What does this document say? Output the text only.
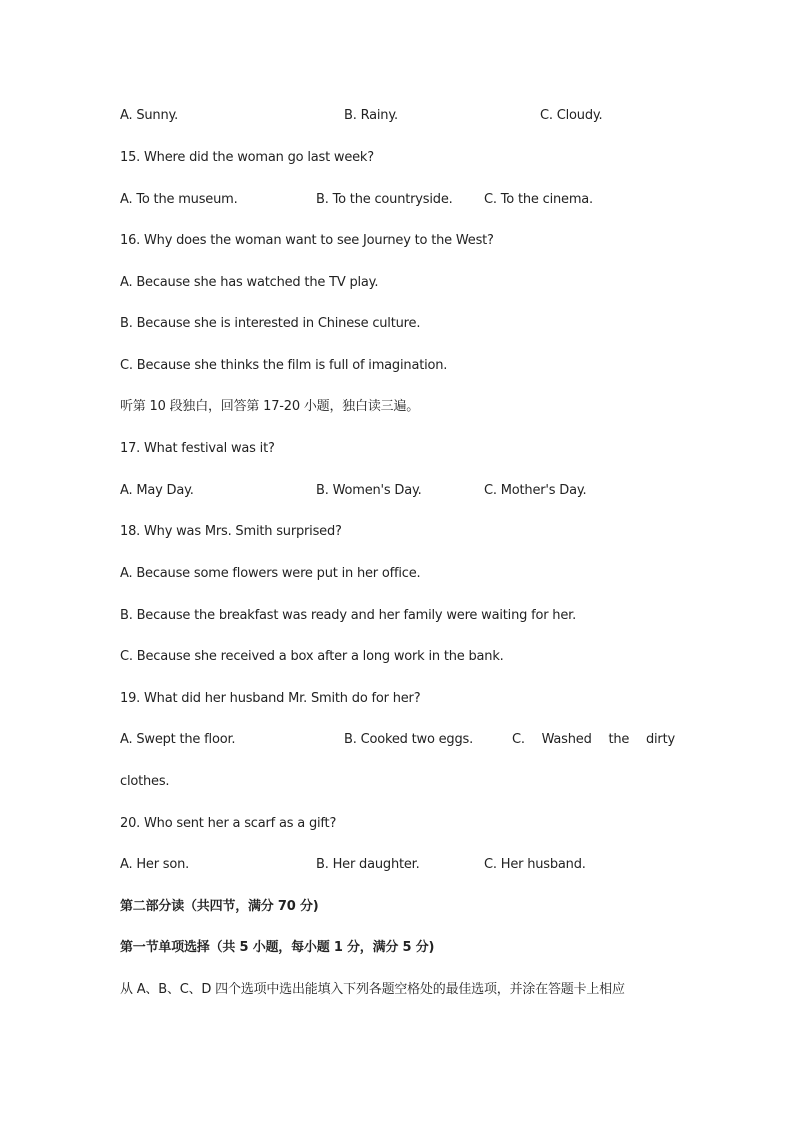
A. Sunny.	B. Rainy.	C. Cloudy.
15. Where did the woman go last week?
A. To the museum.	B. To the countryside. C. To the cinema.
16. Why does the woman want to see Journey to the West?
A. Because she has watched the TV play.
B. Because she is interested in Chinese culture.
C. Because she thinks the film is full of imagination.
听第 10 段独白，回答第 17-20 小题，独白读三遍。
17. What festival was it?
A. May Day.	B. Women's Day.	C. Mother's Day.
18. Why was Mrs. Smith surprised?
A. Because some flowers were put in her office.
B. Because the breakfast was ready and her family were waiting for her.
C. Because she received a box after a long work in the bank.
19. What did her husband Mr. Smith do for her?
A. Swept the floor.	B. Cooked two eggs.	C. Washed the dirty
clothes.
20. Who sent her a scarf as a gift?
A. Her son.	B. Her daughter.	C. Her husband.
第二部分读（共四节，满分 70 分)
第一节单项选择（共 5 小题，每小题 1 分，满分 5 分)
从 A、B、C、D 四个选项中选出能填入下列各题空格处的最佳选项，并涂在答题卡上相应
